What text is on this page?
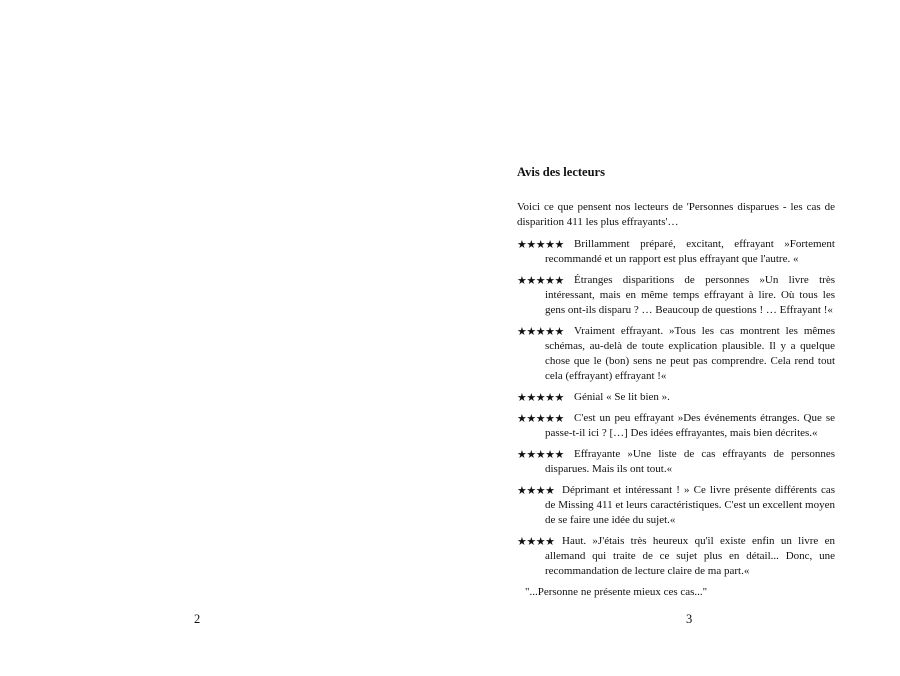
2
Avis des lecteurs
Voici ce que pensent nos lecteurs de 'Personnes disparues - les cas de disparition 411 les plus effrayants'…
★★★★★ Brillamment préparé, excitant, effrayant »Fortement recommandé et un rapport est plus effrayant que l'autre. «
★★★★★ Étranges disparitions de personnes »Un livre très intéressant, mais en même temps effrayant à lire. Où tous les gens ont-ils disparu ? … Beaucoup de questions ! … Effrayant !«
★★★★★ Vraiment effrayant. »Tous les cas montrent les mêmes schémas, au-delà de toute explication plausible. Il y a quelque chose que le (bon) sens ne peut pas comprendre. Cela rend tout cela (effrayant) effrayant !«
★★★★★ Génial « Se lit bien ».
★★★★★ C'est un peu effrayant »Des événements étranges. Que se passe-t-il ici ? […] Des idées effrayantes, mais bien décrites.«
★★★★★ Effrayante »Une liste de cas effrayants de personnes disparues. Mais ils ont tout.«
★★★★ Déprimant et intéressant ! » Ce livre présente différents cas de Missing 411 et leurs caractéristiques. C'est un excellent moyen de se faire une idée du sujet.«
★★★★ Haut. »J'étais très heureux qu'il existe enfin un livre en allemand qui traite de ce sujet plus en détail... Donc, une recommandation de lecture claire de ma part.«
"...Personne ne présente mieux ces cas..."
3
